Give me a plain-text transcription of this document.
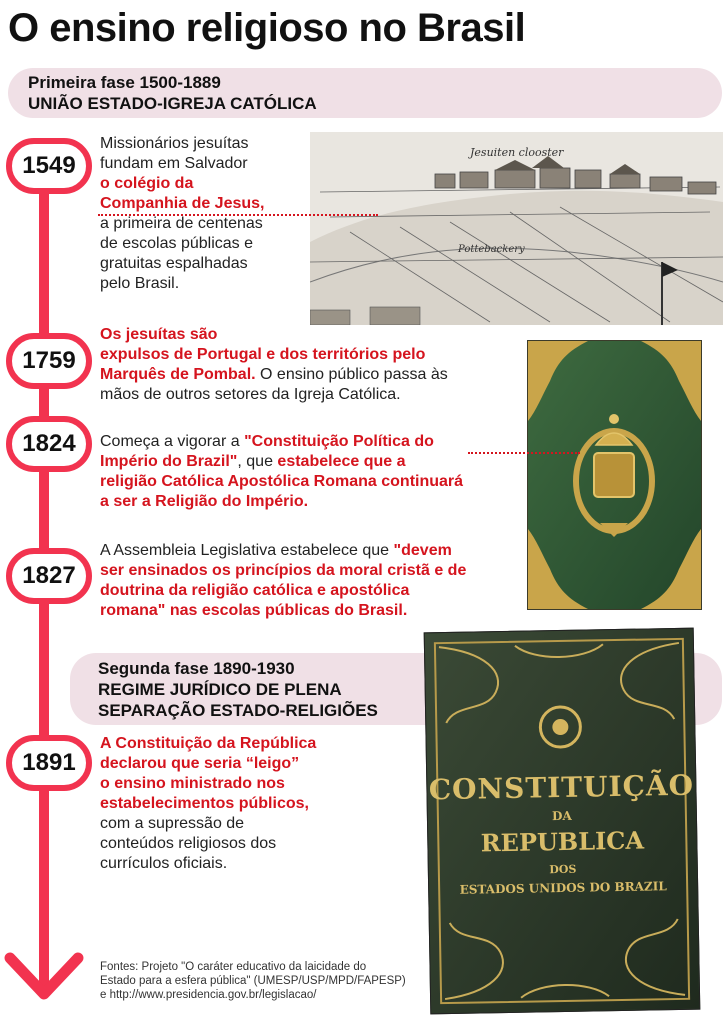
O ensino religioso no Brasil
Primeira fase 1500-1889
UNIÃO ESTADO-IGREJA CATÓLICA
Jesuiten clooster
Pottebackery
CONSTITUIÇÃO
DA
REPUBLICA
DOS
ESTADOS UNIDOS DO BRAZIL
1549
Missionários jesuítas
fundam em Salvador
o colégio da
Companhia de Jesus,
a primeira de centenas
de escolas públicas e
gratuitas espalhadas
pelo Brasil.
1759
Os jesuítas são
expulsos de Portugal e dos territórios pelo
Marquês de Pombal. O ensino público passa às
mãos de outros setores da Igreja Católica.
1824	Começa a vigorar a "Constituição Política do
Império do Brazil", que estabelece que a
religião Católica Apostólica Romana continuará
a ser a Religião do Império.
1827
A Assembleia Legislativa estabelece que "devem
ser ensinados os princípios da moral cristã e de
doutrina da religião católica e apostólica
romana" nas escolas públicas do Brasil.
Segunda fase 1890-1930
REGIME JURÍDICO DE PLENA
SEPARAÇÃO ESTADO-RELIGIÕES
1891
A Constituição da República
declarou que seria “leigo”
o ensino ministrado nos
estabelecimentos públicos,
com a supressão de
conteúdos religiosos dos
currículos oficiais.
Fontes: Projeto "O caráter educativo da laicidade do
Estado para a esfera pública" (UMESP/USP/MPD/FAPESP)
e http://www.presidencia.gov.br/legislacao/
